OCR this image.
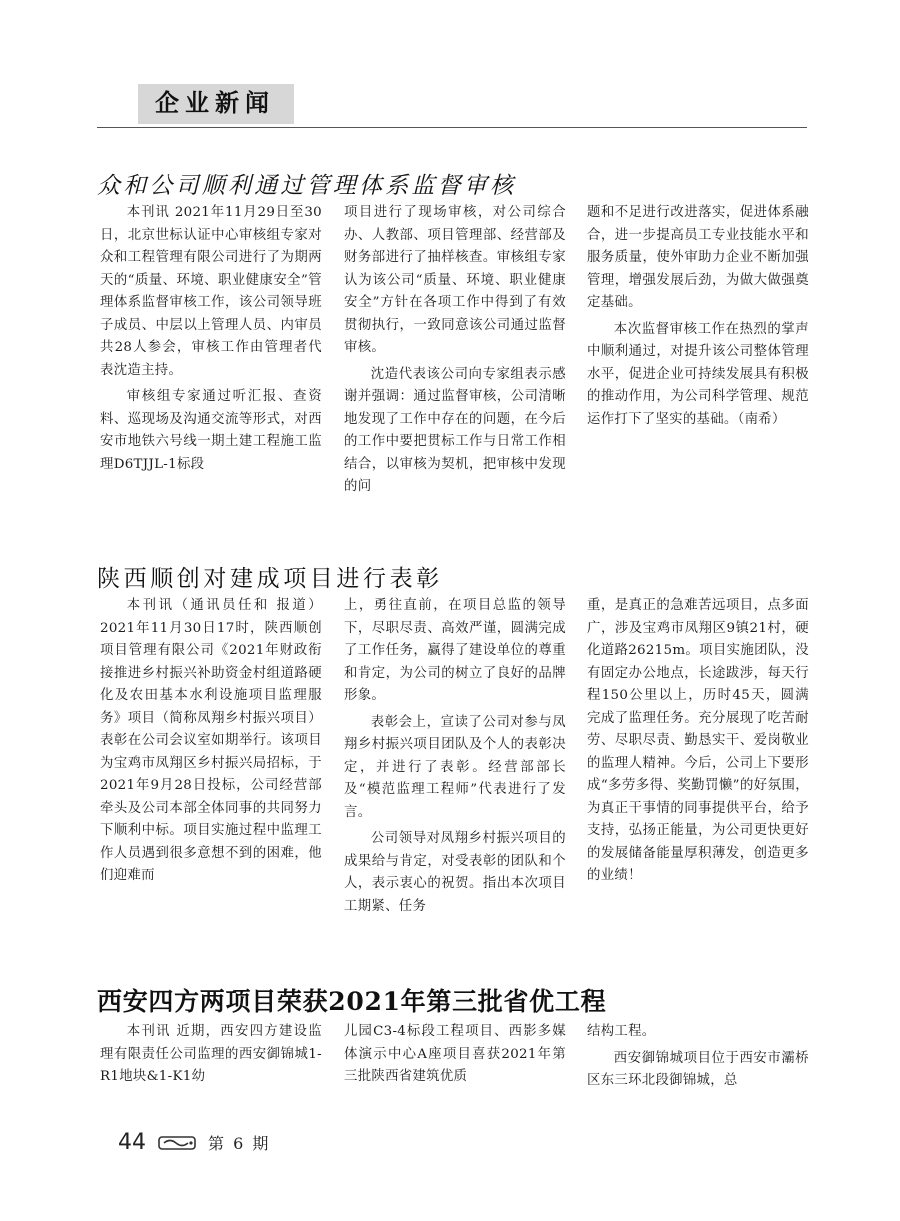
企业新闻
众和公司顺利通过管理体系监督审核

本刊讯 2021年11月29日至30日，北京世标认证中心审核组专家对众和工程管理有限公司进行了为期两天的“质量、环境、职业健康安全”管理体系监督审核工作，该公司领导班子成员、中层以上管理人员、内审员共28人参会，审核工作由管理者代表沈造主持。

审核组专家通过听汇报、查资料、巡现场及沟通交流等形式，对西安市地铁六号线一期土建工程施工监理D6TJJL-1标段

项目进行了现场审核，对公司综合办、人教部、项目管理部、经营部及财务部进行了抽样核查。审核组专家认为该公司“质量、环境、职业健康安全”方针在各项工作中得到了有效贯彻执行，一致同意该公司通过监督审核。

沈造代表该公司向专家组表示感谢并强调：通过监督审核，公司清晰地发现了工作中存在的问题，在今后的工作中要把贯标工作与日常工作相结合，以审核为契机，把审核中发现的问

题和不足进行改进落实，促进体系融合，进一步提高员工专业技能水平和服务质量，使外审助力企业不断加强管理，增强发展后劲，为做大做强奠定基础。

本次监督审核工作在热烈的掌声中顺利通过，对提升该公司整体管理水平，促进企业可持续发展具有积极的推动作用，为公司科学管理、规范运作打下了坚实的基础。（南希）

陕西顺创对建成项目进行表彰

本刊讯（通讯员任和 报道）2021年11月30日17时，陕西顺创项目管理有限公司《2021年财政衔接推进乡村振兴补助资金村组道路硬化及农田基本水利设施项目监理服务》项目（简称凤翔乡村振兴项目）表彰在公司会议室如期举行。该项目为宝鸡市凤翔区乡村振兴局招标，于2021年9月28日投标，公司经营部牵头及公司本部全体同事的共同努力下顺利中标。项目实施过程中监理工作人员遇到很多意想不到的困难，他们迎难而

上，勇往直前，在项目总监的领导下，尽职尽责、高效严谨，圆满完成了工作任务，赢得了建设单位的尊重和肯定，为公司的树立了良好的品牌形象。

表彰会上，宣读了公司对参与凤翔乡村振兴项目团队及个人的表彰决定，并进行了表彰。经营部部长及“模范监理工程师”代表进行了发言。

公司领导对凤翔乡村振兴项目的成果给与肯定，对受表彰的团队和个人，表示衷心的祝贺。指出本次项目工期紧、任务

重，是真正的急难苦远项目，点多面广，涉及宝鸡市凤翔区9镇21村，硬化道路26215m。项目实施团队，没有固定办公地点，长途跋涉，每天行程150公里以上，历时45天，圆满完成了监理任务。充分展现了吃苦耐劳、尽职尽责、勤恳实干、爱岗敬业的监理人精神。今后，公司上下要形成“多劳多得、奖勤罚懒”的好氛围，为真正干事情的同事提供平台，给予支持，弘扬正能量，为公司更快更好的发展储备能量厚积薄发，创造更多的业绩！

西安四方两项目荣获2021年第三批省优工程

本刊讯 近期，西安四方建设监理有限责任公司监理的西安御锦城1-R1地块&1-K1幼

儿园C3-4标段工程项目、西影多媒体演示中心A座项目喜获2021年第三批陕西省建筑优质

结构工程。

西安御锦城项目位于西安市灞桥区东三环北段御锦城，总

44	第 6 期
